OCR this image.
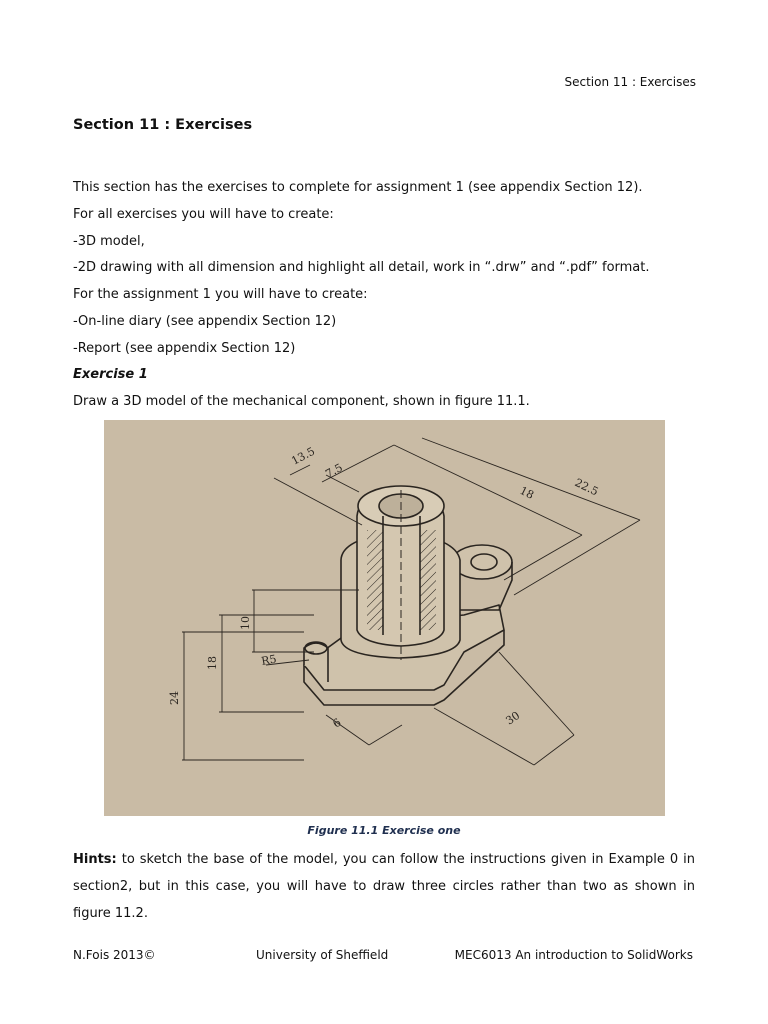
Section 11 : Exercises
Section 11 : Exercises
This section has the exercises to complete for assignment 1 (see appendix Section 12).
For all exercises you will have to create:
-3D model,
-2D drawing with all dimension and highlight all detail, work in “.drw” and “.pdf” format.
For the assignment 1 you will have to create:
-On-line diary (see appendix Section 12)
-Report (see appendix Section 12)
Exercise 1
Draw a 3D model of the mechanical component, shown in figure 11.1.
13.5
7.5
18	22.5
10
18	R5
24
30
6
Figure 11.1 Exercise one
Hints: to sketch the base of the model, you can follow the instructions given in Example 0 in section2, but in this case, you will have to draw three circles rather than two as shown in figure 11.2.
N.Fois 2013©	University of Sheffield	MEC6013 An introduction to SolidWorks
